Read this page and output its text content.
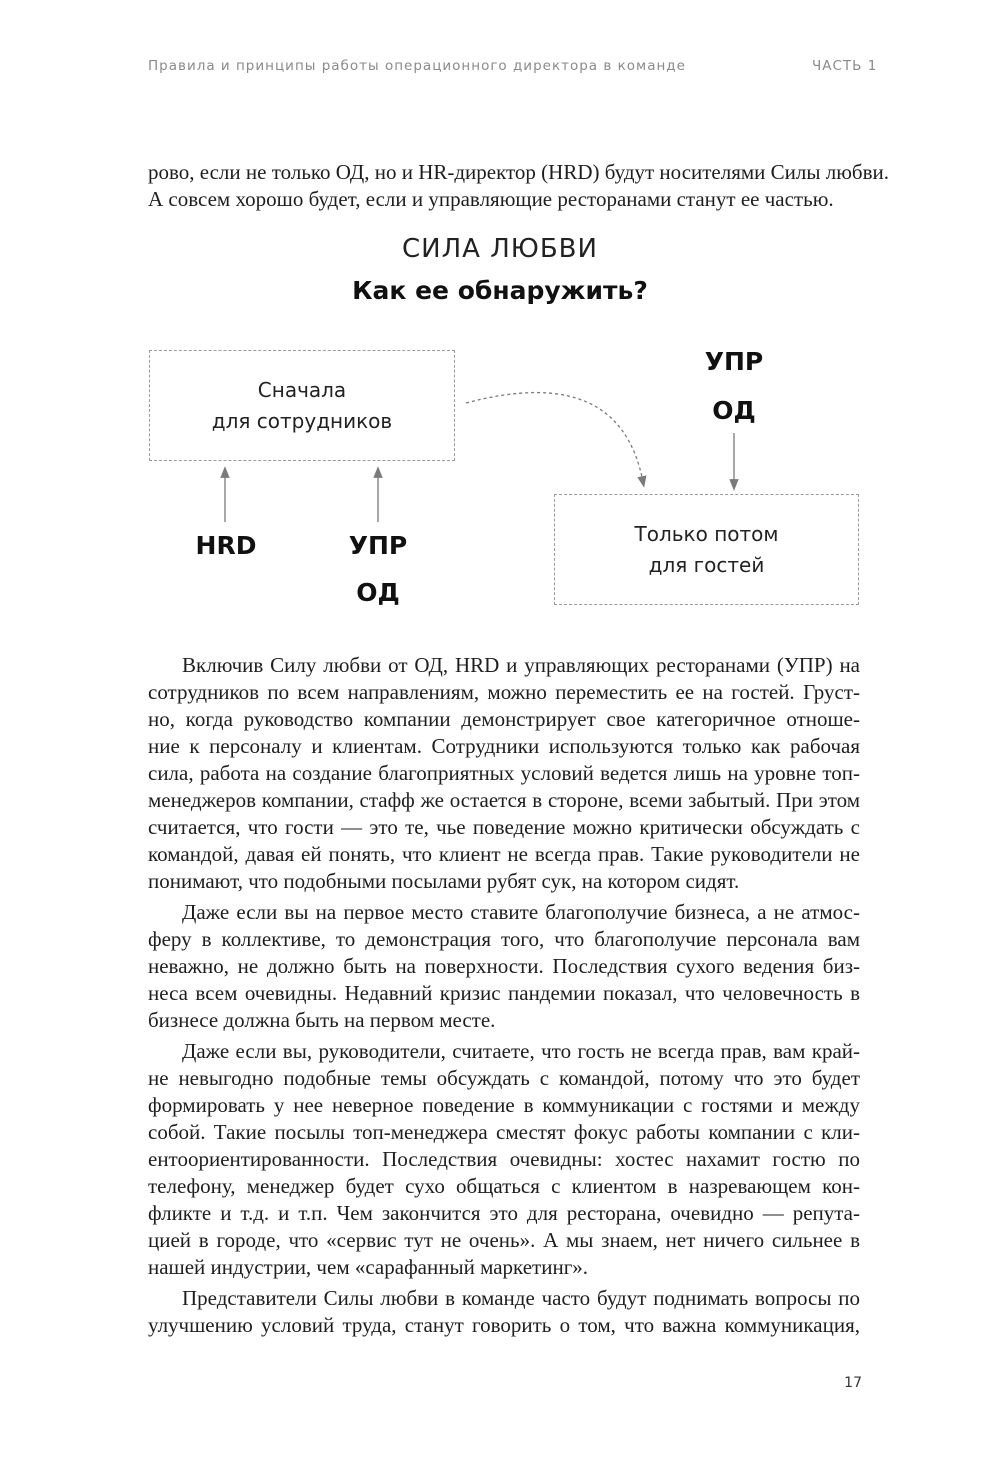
Правила и принципы работы операционного директора в команде	ЧАСТЬ 1
рово, если не только ОД, но и HR-директор (HRD) будут носителями Силы любви.
А совсем хорошо будет, если и управляющие ресторанами станут ее частью.
СИЛА ЛЮБВИ
Как ее обнаружить?
Сначала
для сотрудников
Только потом
для гостей
HRD	УПР
ОД
УПР
ОД
Включив Силу любви от ОД, HRD и управляющих ресторанами (УПР) на
сотрудников по всем направлениям, можно переместить ее на гостей. Груст-
но, когда руководство компании демонстрирует свое категоричное отноше-
ние к персоналу и клиентам. Сотрудники используются только как рабочая
сила, работа на создание благоприятных условий ведется лишь на уровне топ-
менеджеров компании, стафф же остается в стороне, всеми забытый. При этом
считается, что гости — это те, чье поведение можно критически обсуждать с
командой, давая ей понять, что клиент не всегда прав. Такие руководители не
понимают, что подобными посылами рубят сук, на котором сидят.
Даже если вы на первое место ставите благополучие бизнеса, а не атмос-
феру в коллективе, то демонстрация того, что благополучие персонала вам
неважно, не должно быть на поверхности. Последствия сухого ведения биз-
неса всем очевидны. Недавний кризис пандемии показал, что человечность в
бизнесе должна быть на первом месте.
Даже если вы, руководители, считаете, что гость не всегда прав, вам край-
не невыгодно подобные темы обсуждать с командой, потому что это будет
формировать у нее неверное поведение в коммуникации с гостями и между
собой. Такие посылы топ-менеджера сместят фокус работы компании с кли-
ентоориентированности. Последствия очевидны: хостес нахамит гостю по
телефону, менеджер будет сухо общаться с клиентом в назревающем кон-
фликте и т.д. и т.п. Чем закончится это для ресторана, очевидно — репута-
цией в городе, что «сервис тут не очень». А мы знаем, нет ничего сильнее в
нашей индустрии, чем «сарафанный маркетинг».
Представители Силы любви в команде часто будут поднимать вопросы по
улучшению условий труда, станут говорить о том, что важна коммуникация,
17
